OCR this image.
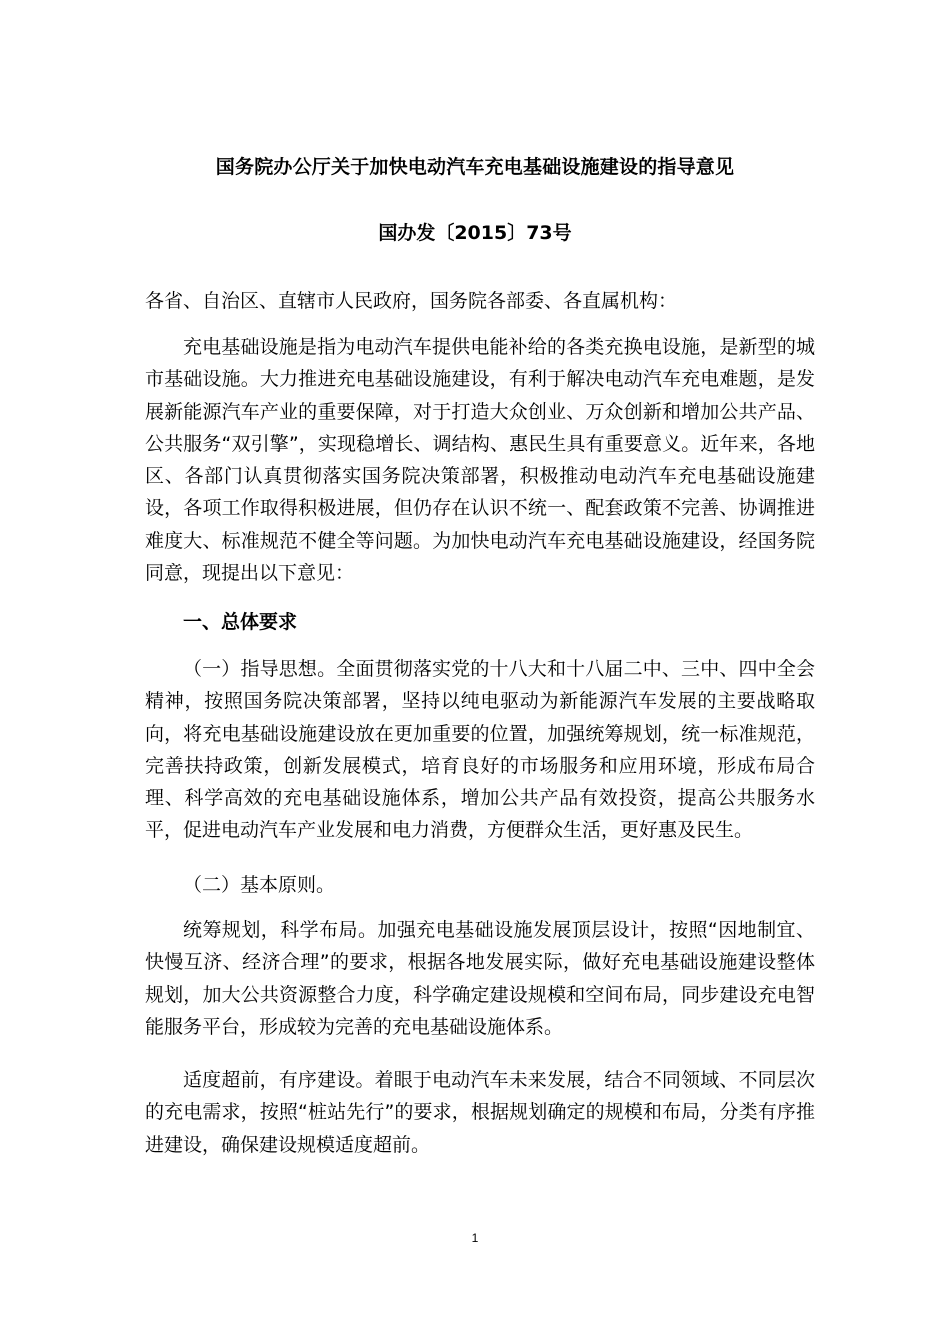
国务院办公厅关于加快电动汽车充电基础设施建设的指导意见
国办发〔2015〕73号
各省、自治区、直辖市人民政府，国务院各部委、各直属机构：
充电基础设施是指为电动汽车提供电能补给的各类充换电设施，是新型的城市基础设施。大力推进充电基础设施建设，有利于解决电动汽车充电难题，是发展新能源汽车产业的重要保障，对于打造大众创业、万众创新和增加公共产品、公共服务“双引擎”，实现稳增长、调结构、惠民生具有重要意义。近年来，各地区、各部门认真贯彻落实国务院决策部署，积极推动电动汽车充电基础设施建设，各项工作取得积极进展，但仍存在认识不统一、配套政策不完善、协调推进难度大、标准规范不健全等问题。为加快电动汽车充电基础设施建设，经国务院同意，现提出以下意见：
一、总体要求
（一）指导思想。全面贯彻落实党的十八大和十八届二中、三中、四中全会精神，按照国务院决策部署，坚持以纯电驱动为新能源汽车发展的主要战略取向，将充电基础设施建设放在更加重要的位置，加强统筹规划，统一标准规范，完善扶持政策，创新发展模式，培育良好的市场服务和应用环境，形成布局合理、科学高效的充电基础设施体系，增加公共产品有效投资，提高公共服务水平，促进电动汽车产业发展和电力消费，方便群众生活，更好惠及民生。
（二）基本原则。
统筹规划，科学布局。加强充电基础设施发展顶层设计，按照“因地制宜、快慢互济、经济合理”的要求，根据各地发展实际，做好充电基础设施建设整体规划，加大公共资源整合力度，科学确定建设规模和空间布局，同步建设充电智能服务平台，形成较为完善的充电基础设施体系。
适度超前，有序建设。着眼于电动汽车未来发展，结合不同领域、不同层次的充电需求，按照“桩站先行”的要求，根据规划确定的规模和布局，分类有序推进建设，确保建设规模适度超前。
1
